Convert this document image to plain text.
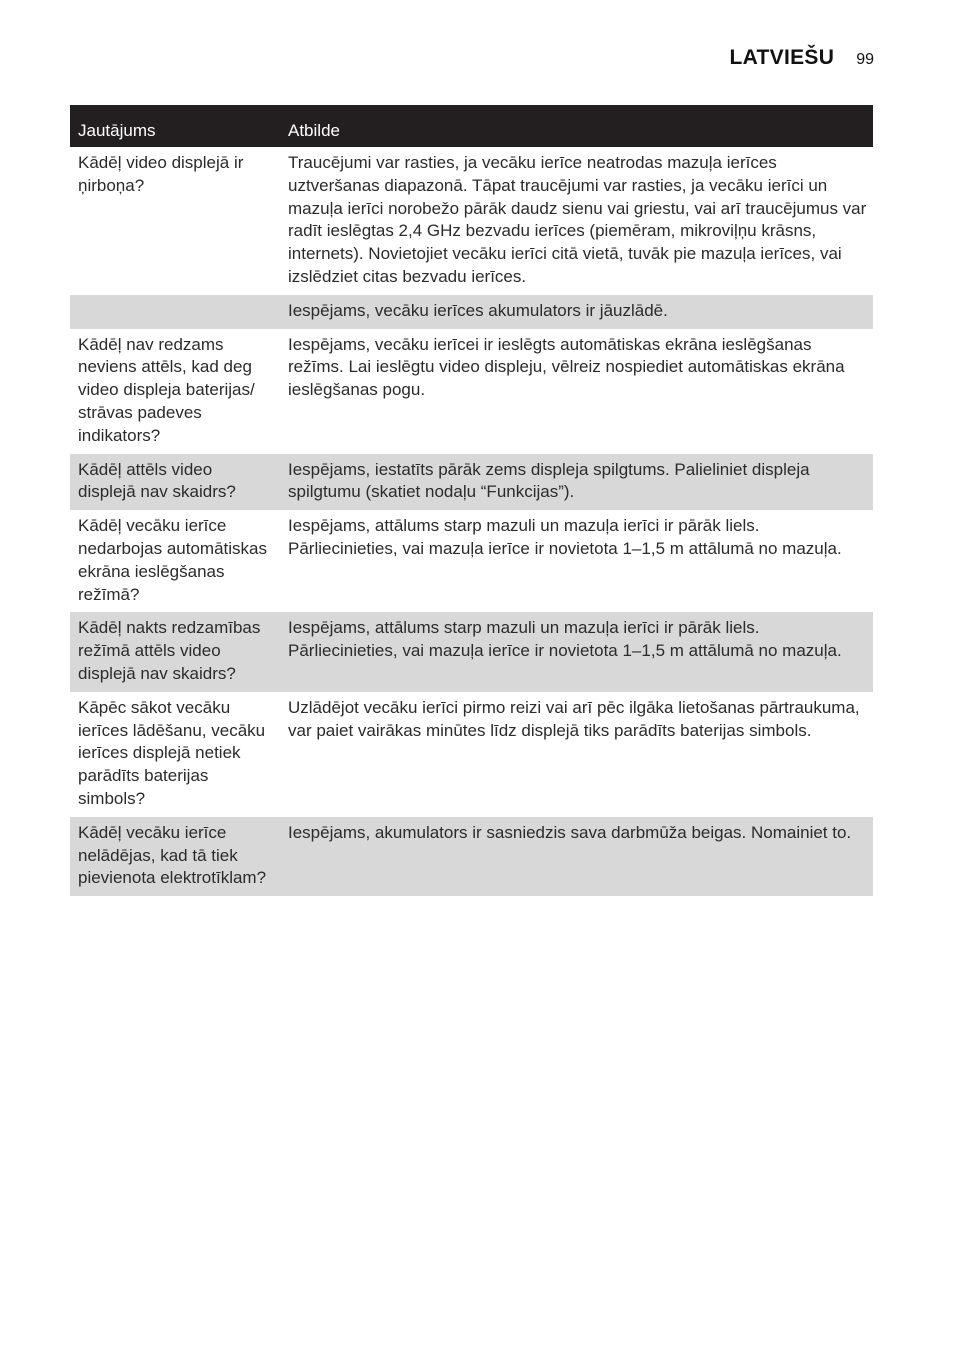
LATVIEŠU 99
Jautājums	Atbilde
Kādēļ video displejā ir ņirboņa?	Traucējumi var rasties, ja vecāku ierīce neatrodas mazuļa ierīces uztveršanas diapazonā. Tāpat traucējumi var rasties, ja vecāku ierīci un mazuļa ierīci norobežo pārāk daudz sienu vai griestu, vai arī traucējumus var radīt ieslēgtas 2,4 GHz bezvadu ierīces (piemēram, mikroviļņu krāsns, internets). Novietojiet vecāku ierīci citā vietā, tuvāk pie mazuļa ierīces, vai izslēdziet citas bezvadu ierīces.
	Iespējams, vecāku ierīces akumulators ir jāuzlādē.
Kādēļ nav redzams neviens attēls, kad deg video displeja baterijas/ strāvas padeves indikators?	Iespējams, vecāku ierīcei ir ieslēgts automātiskas ekrāna ieslēgšanas režīms. Lai ieslēgtu video displeju, vēlreiz nospiediet automātiskas ekrāna ieslēgšanas pogu.
Kādēļ attēls video displejā nav skaidrs?	Iespējams, iestatīts pārāk zems displeja spilgtums. Palieliniet displeja spilgtumu (skatiet nodaļu “Funkcijas”).
Kādēļ vecāku ierīce nedarbojas automātiskas ekrāna ieslēgšanas režīmā?	Iespējams, attālums starp mazuli un mazuļa ierīci ir pārāk liels. Pārliecinieties, vai mazuļa ierīce ir novietota 1–1,5 m attālumā no mazuļa.
Kādēļ nakts redzamības režīmā attēls video displejā nav skaidrs?	Iespējams, attālums starp mazuli un mazuļa ierīci ir pārāk liels. Pārliecinieties, vai mazuļa ierīce ir novietota 1–1,5 m attālumā no mazuļa.
Kāpēc sākot vecāku ierīces lādēšanu, vecāku ierīces displejā netiek parādīts baterijas simbols?	Uzlādējot vecāku ierīci pirmo reizi vai arī pēc ilgāka lietošanas pārtraukuma, var paiet vairākas minūtes līdz displejā tiks parādīts baterijas simbols.
Kādēļ vecāku ierīce nelādējas, kad tā tiek pievienota elektrotīklam?	Iespējams, akumulators ir sasniedzis sava darbmūža beigas. Nomainiet to.
